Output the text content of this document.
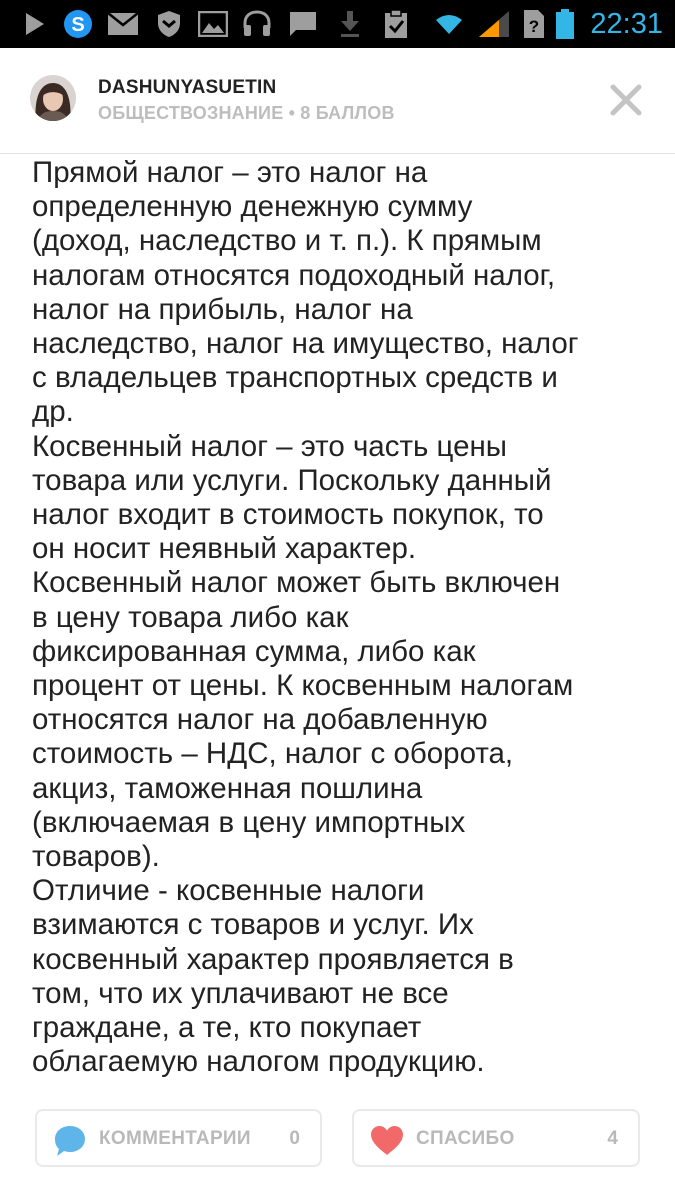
S	? 22:31
DASHUNYASUETIN
ОБЩЕСТВОЗНАНИЕ • 8 БАЛЛОВ
Прямой налог – это налог на
определенную денежную сумму
(доход, наследство и т. п.). К прямым
налогам относятся подоходный налог,
налог на прибыль, налог на
наследство, налог на имущество, налог
с владельцев транспортных средств и
др.
Косвенный налог – это часть цены
товара или услуги. Поскольку данный
налог входит в стоимость покупок, то
он носит неявный характер.
Косвенный налог может быть включен
в цену товара либо как
фиксированная сумма, либо как
процент от цены. К косвенным налогам
относятся налог на добавленную
стоимость – НДС, налог с оборота,
акциз, таможенная пошлина
(включаемая в цену импортных
товаров).
Отличие - косвенные налоги
взимаются с товаров и услуг. Их
косвенный характер проявляется в
том, что их уплачивают не все
граждане, а те, кто покупает
облагаемую налогом продукцию.
КОММЕНТАРИИ 0	СПАСИБО	4
